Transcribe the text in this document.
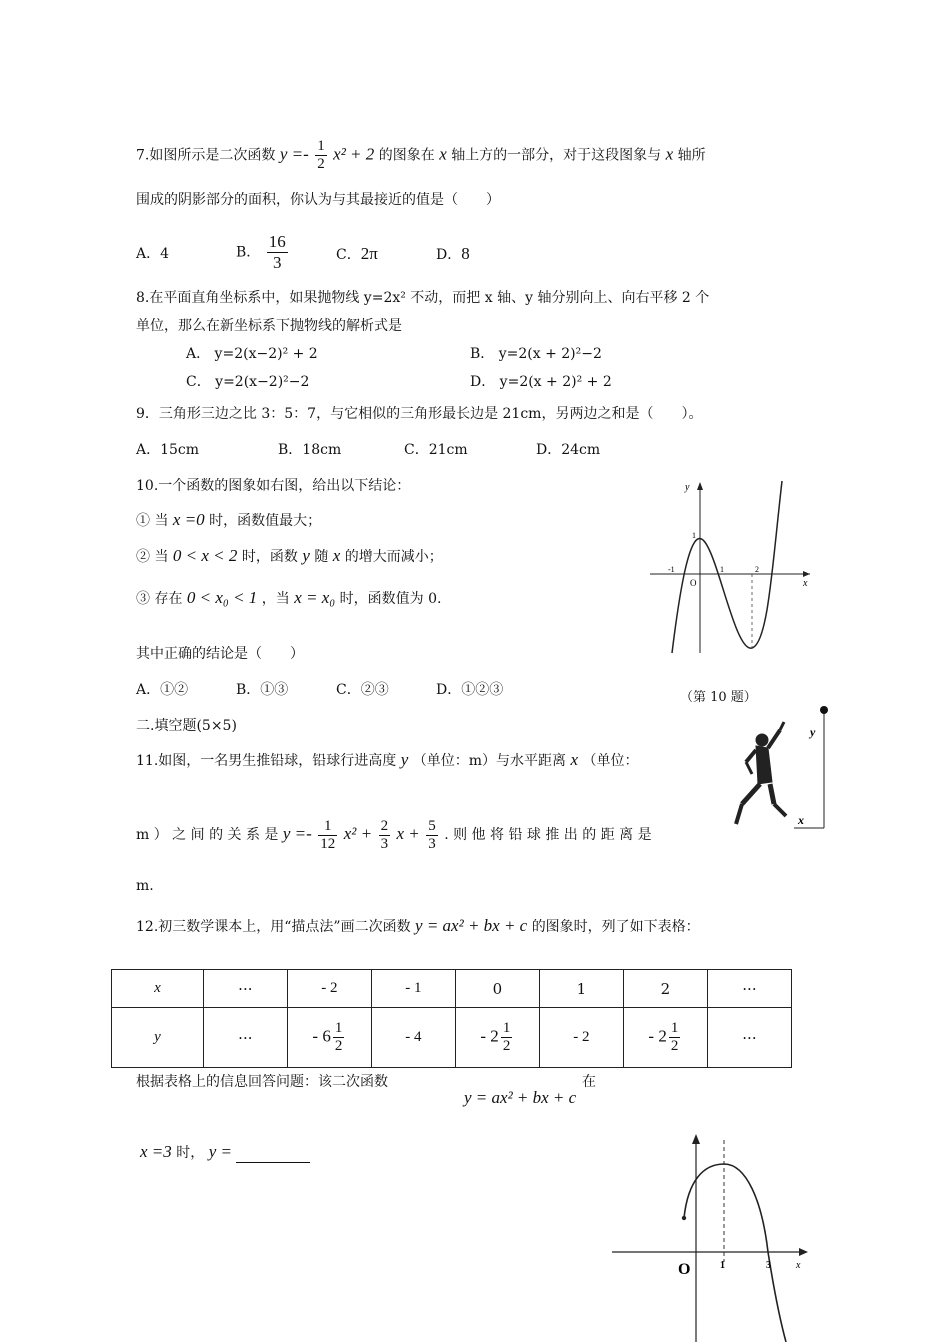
7.如图所示是二次函数 $y =- \frac{1}{2} x^2 + 2$ 的图象在 x 轴上方的一部分，对于这段图象与 x 轴所
围成的阴影部分的面积，你认为与其最接近的值是（　　）
A．4	B． $\frac{16}{3}$	C．2π	D．8
8.在平面直角坐标系中，如果抛物线 y=2x² 不动，而把 x 轴、y 轴分别向上、向右平移 2 个
单位，那么在新坐标系下抛物线的解析式是
A． y=2(x−2)² + 2	B． y=2(x + 2)²−2
C． y=2(x−2)²−2	D． y=2(x + 2)² + 2
9．三角形三边之比 3：5：7，与它相似的三角形最长边是 21cm，另两边之和是（　　）。
A．15cm	B．18cm	C．21cm	D．24cm
10.一个函数的图象如右图，给出以下结论：
① 当 x =0 时，函数值最大；
② 当 0 < x < 2 时，函数 y 随 x 的增大而减小；
③ 存在 0 < x₀ < 1 ，当 x = x₀ 时，函数值为 0.
其中正确的结论是（　　）
A．①②	B．①③	C．②③	D．①②③	（第 10 题）
y
x
-1
O
1	2
1
二.填空题(5×5)
11.如图，一名男生推铅球，铅球行进高度 y （单位：m）与水平距离 x （单位：
m ） 之 间 的 关 系 是 $y =- \frac{1}{12} x^2 + \frac{2}{3}$ $x + \frac{5}{3}$ . 则 他 将 铅 球 推 出 的 距 离 是
m.
y
x
12.初三数学课本上，用“描点法”画二次函数 y = ax² + bx + c 的图象时，列了如下表格：
x	···	- 2	- 1	0	1	2	···
y	···	- $6 \frac{1}{2}$	- 4	- $2 \frac{1}{2}$	- 2	- $2 \frac{1}{2}$	···
根据表格上的信息回答问题：该二次函数	在
y = ax² + bx + c
x =3 时， y =
O	1	3	x
